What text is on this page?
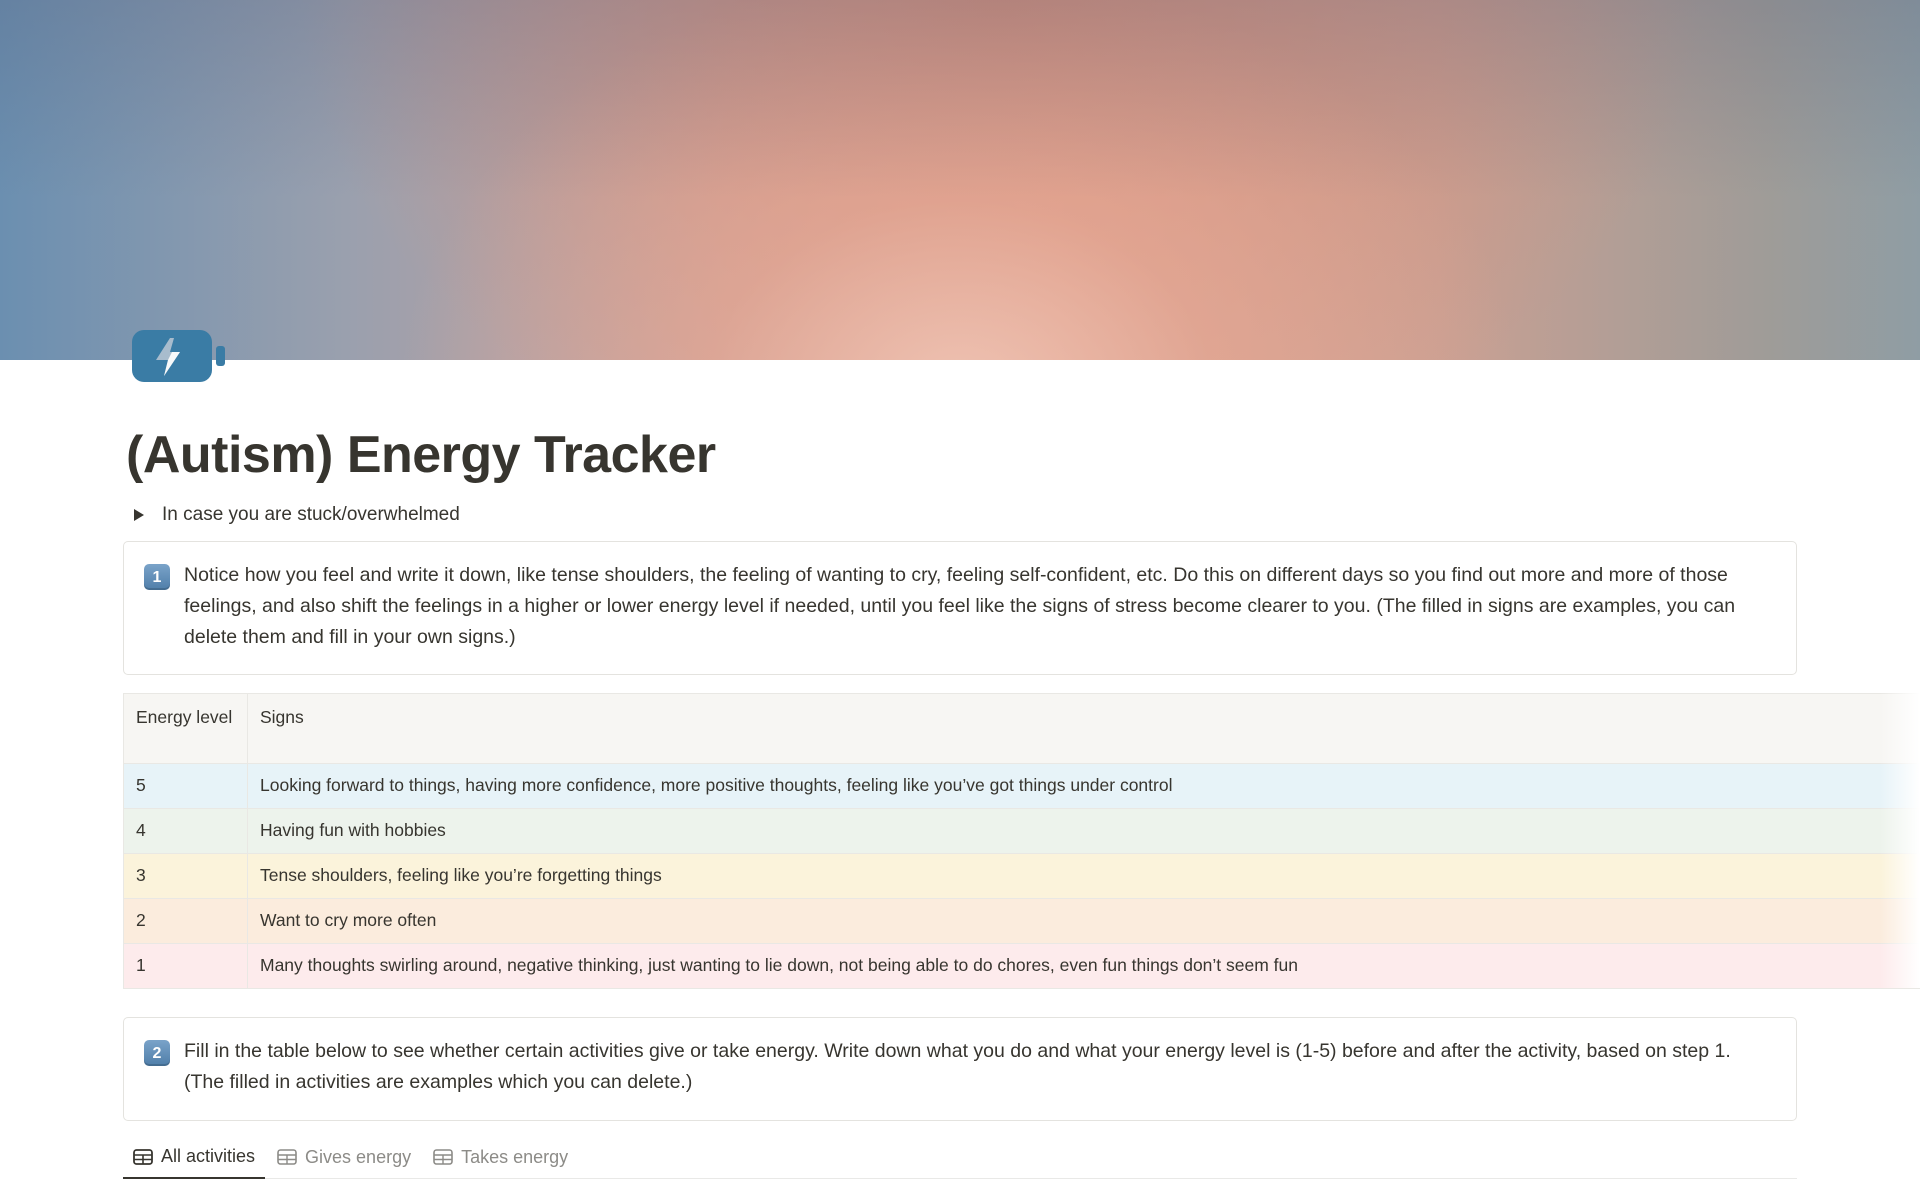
(Autism) Energy Tracker
In case you are stuck/overwhelmed
1	Notice how you feel and write it down, like tense shoulders, the feeling of wanting to cry, feeling self-confident, etc. Do this on different days so you find out more and more of those feelings, and also shift the feelings in a higher or lower energy level if needed, until you feel like the signs of stress become clearer to you. (The filled in signs are examples, you can delete them and fill in your own signs.)
Energy level	Signs
5	Looking forward to things, having more confidence, more positive thoughts, feeling like you’ve got things under control
4	Having fun with hobbies
3	Tense shoulders, feeling like you’re forgetting things
2	Want to cry more often
1	Many thoughts swirling around, negative thinking, just wanting to lie down, not being able to do chores, even fun things don’t seem fun
2	Fill in the table below to see whether certain activities give or take energy. Write down what you do and what your energy level is (1-5) before and after the activity, based on step 1. (The filled in activities are examples which you can delete.)
All activities	Gives energy	Takes energy
